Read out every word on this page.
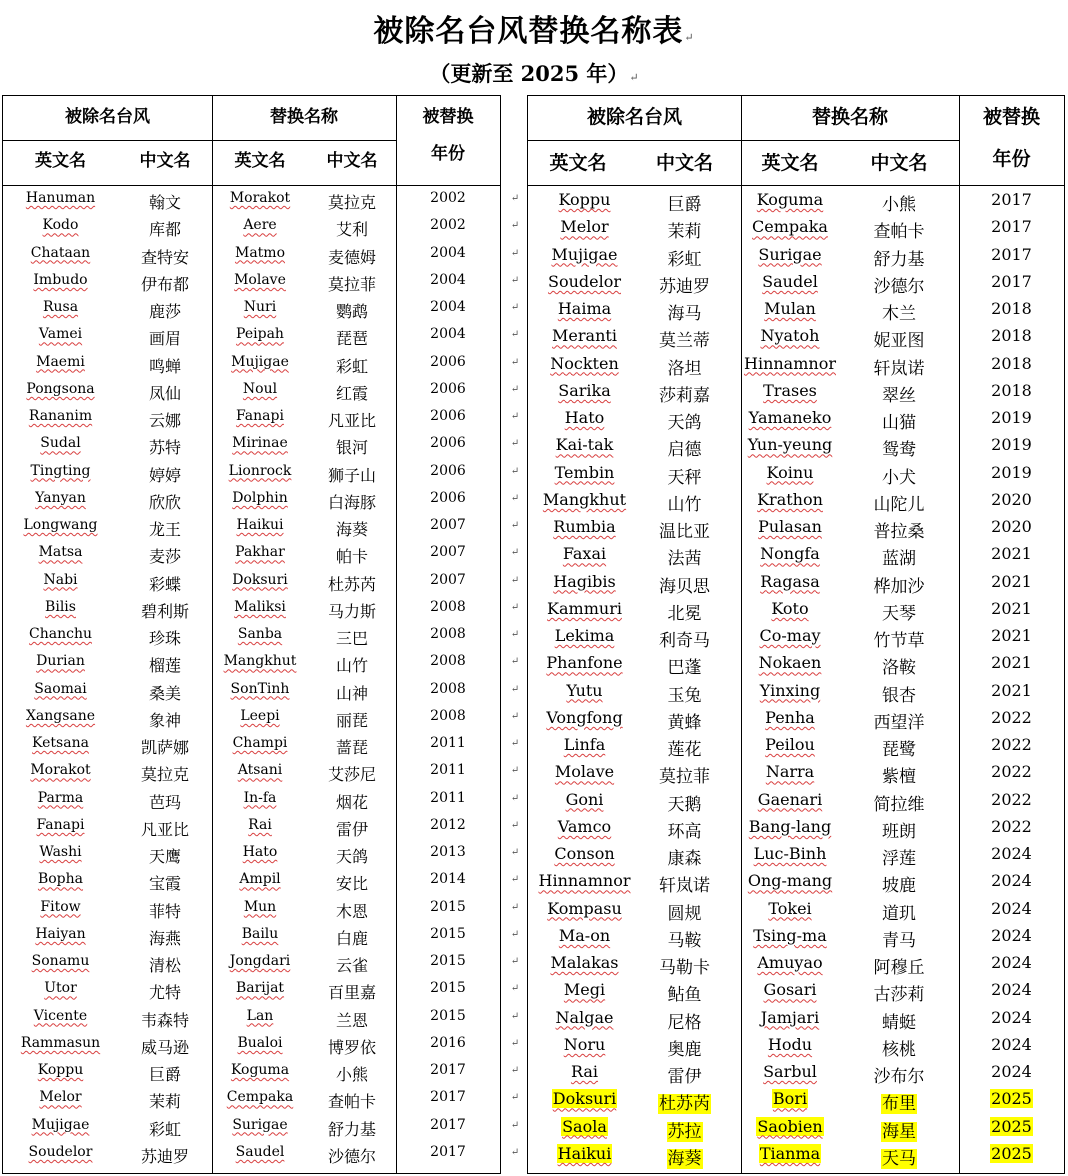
被除名台风替换名称表↵
（更新至 2025 年）↵
被除名台风	替换名称	被替换
年份
英文名	中文名	英文名	中文名
Hanuman	翰文	Morakot	莫拉克	2002
Kodo	库都	Aere	艾利	2002
Chataan	查特安	Matmo	麦德姆	2004
Imbudo	伊布都	Molave	莫拉菲	2004
Rusa	鹿莎	Nuri	鹦鹉	2004
Vamei	画眉	Peipah	琵琶	2004
Maemi	鸣蝉	Mujigae	彩虹	2006
Pongsona	凤仙	Noul	红霞	2006
Rananim	云娜	Fanapi	凡亚比	2006
Sudal	苏特	Mirinae	银河	2006
Tingting	婷婷	Lionrock	狮子山	2006
Yanyan	欣欣	Dolphin	白海豚	2006
Longwang	龙王	Haikui	海葵	2007
Matsa	麦莎	Pakhar	帕卡	2007
Nabi	彩蝶	Doksuri	杜苏芮	2007
Bilis	碧利斯	Maliksi	马力斯	2008
Chanchu	珍珠	Sanba	三巴	2008
Durian	榴莲	Mangkhut	山竹	2008
Saomai	桑美	SonTinh	山神	2008
Xangsane	象神	Leepi	丽琵	2008
Ketsana	凯萨娜	Champi	蔷琵	2011
Morakot	莫拉克	Atsani	艾莎尼	2011
Parma	芭玛	In-fa	烟花	2011
Fanapi	凡亚比	Rai	雷伊	2012
Washi	天鹰	Hato	天鸽	2013
Bopha	宝霞	Ampil	安比	2014
Fitow	菲特	Mun	木恩	2015
Haiyan	海燕	Bailu	白鹿	2015
Sonamu	清松	Jongdari	云雀	2015
Utor	尤特	Barijat	百里嘉	2015
Vicente	韦森特	Lan	兰恩	2015
Rammasun	威马逊	Bualoi	博罗依	2016
Koppu	巨爵	Koguma	小熊	2017
Melor	茉莉	Cempaka	查帕卡	2017
Mujigae	彩虹	Surigae	舒力基	2017
Soudelor	苏迪罗	Saudel	沙德尔	2017
被除名台风	替换名称	被替换
年份
英文名	中文名	英文名	中文名
Koppu	巨爵	Koguma	小熊	2017
Melor	茉莉	Cempaka	查帕卡	2017
Mujigae	彩虹	Surigae	舒力基	2017
Soudelor	苏迪罗	Saudel	沙德尔	2017
Haima	海马	Mulan	木兰	2018
Meranti	莫兰蒂	Nyatoh	妮亚图	2018
Nockten	洛坦	Hinnamnor	轩岚诺	2018
Sarika	莎莉嘉	Trases	翠丝	2018
Hato	天鸽	Yamaneko	山猫	2019
Kai-tak	启德	Yun-yeung	鸳鸯	2019
Tembin	天秤	Koinu	小犬	2019
Mangkhut	山竹	Krathon	山陀儿	2020
Rumbia	温比亚	Pulasan	普拉桑	2020
Faxai	法茜	Nongfa	蓝湖	2021
Hagibis	海贝思	Ragasa	桦加沙	2021
Kammuri	北冕	Koto	天琴	2021
Lekima	利奇马	Co-may	竹节草	2021
Phanfone	巴蓬	Nokaen	洛鞍	2021
Yutu	玉兔	Yinxing	银杏	2021
Vongfong	黄蜂	Penha	西望洋	2022
Linfa	莲花	Peilou	琵鹭	2022
Molave	莫拉菲	Narra	紫檀	2022
Goni	天鹅	Gaenari	简拉维	2022
Vamco	环高	Bang-lang	班朗	2022
Conson	康森	Luc-Binh	浮莲	2024
Hinnamnor	轩岚诺	Ong-mang	坡鹿	2024
Kompasu	圆规	Tokei	道玑	2024
Ma-on	马鞍	Tsing-ma	青马	2024
Malakas	马勒卡	Amuyao	阿穆丘	2024
Megi	鲇鱼	Gosari	古莎莉	2024
Nalgae	尼格	Jamjari	蜻蜓	2024
Noru	奥鹿	Hodu	核桃	2024
Rai	雷伊	Sarbul	沙布尔	2024
Doksuri	杜苏芮	Bori	布里	2025
Saola	苏拉	Saobien	海星	2025
Haikui	海葵	Tianma	天马	2025
↵
↵
↵
↵
↵
↵
↵
↵
↵
↵
↵
↵
↵
↵
↵
↵
↵
↵
↵
↵
↵
↵
↵
↵
↵
↵
↵
↵
↵
↵
↵
↵
↵
↵
↵
↵
